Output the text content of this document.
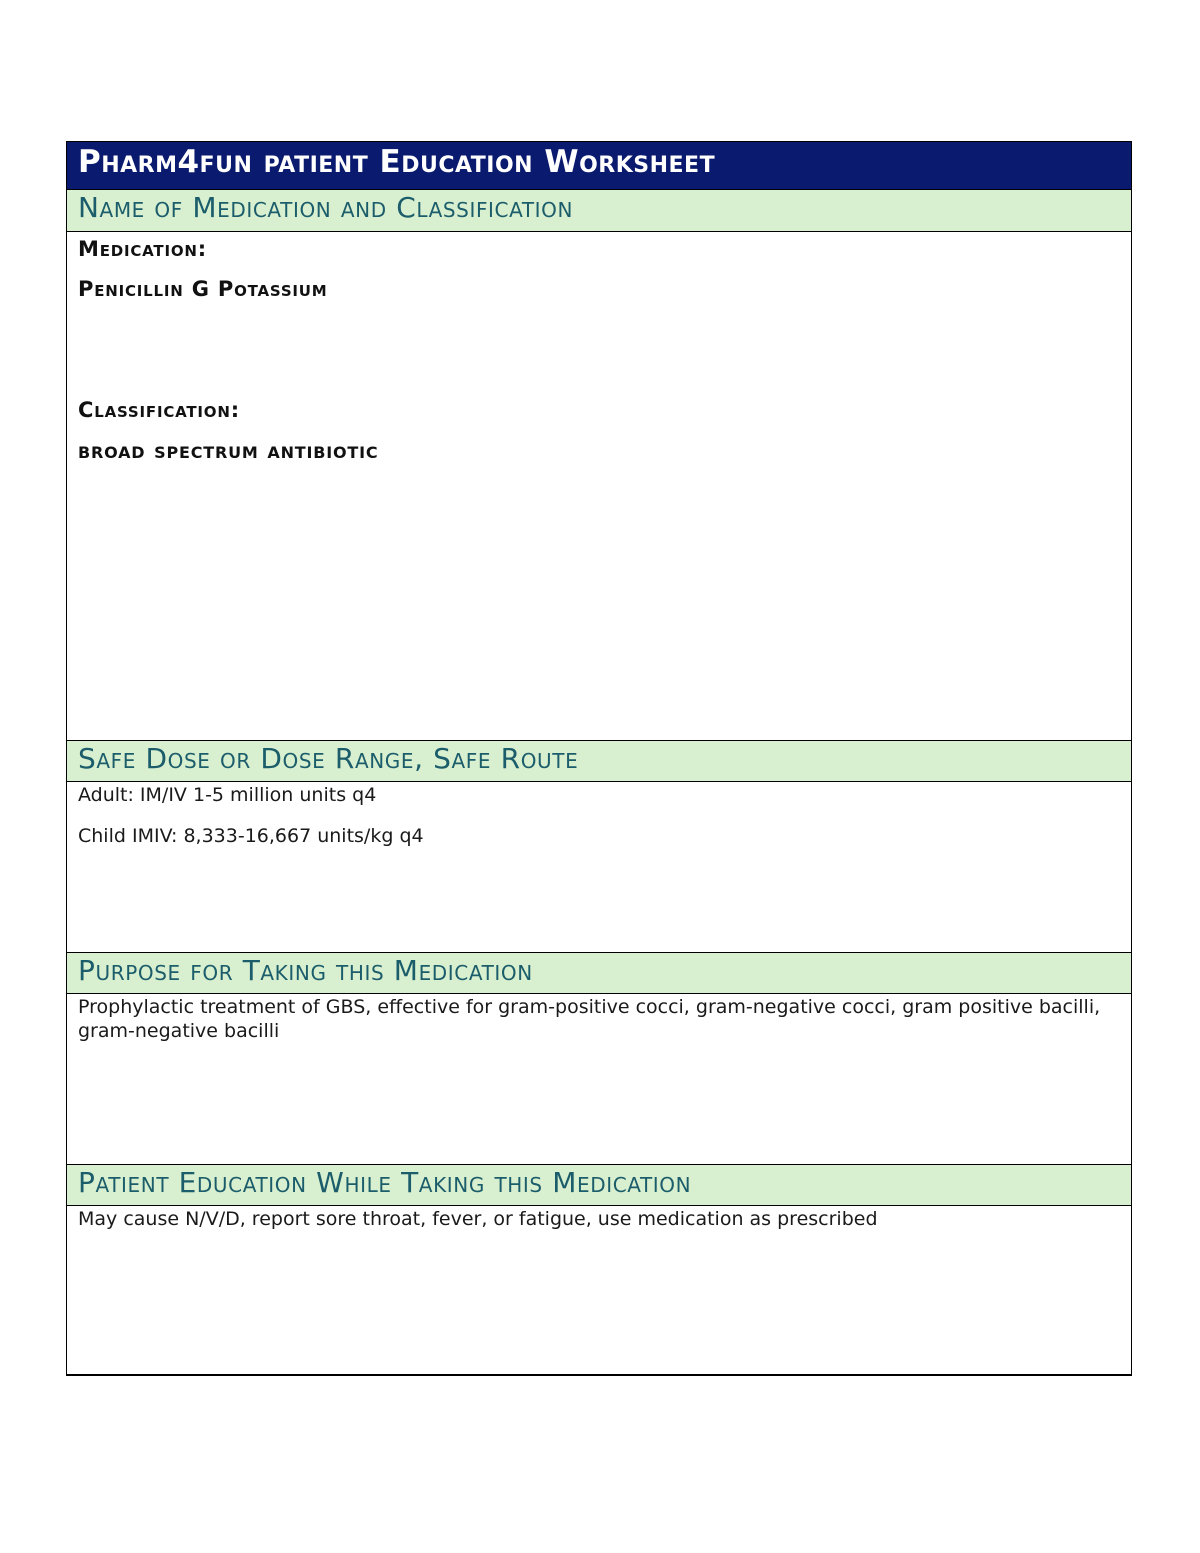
Pharm4fun patient Education Worksheet
Name of Medication and Classification

Medication:

Penicillin G Potassium

Classification:

broad spectrum antibiotic

Safe Dose or Dose Range, Safe Route

Adult: IM/IV 1-5 million units q4

Child IMIV: 8,333-16,667 units/kg q4

Purpose for Taking this Medication

Prophylactic treatment of GBS, effective for gram-positive cocci, gram-negative cocci, gram positive bacilli, gram-negative bacilli

Patient Education While Taking this Medication

May cause N/V/D, report sore throat, fever, or fatigue, use medication as prescribed
